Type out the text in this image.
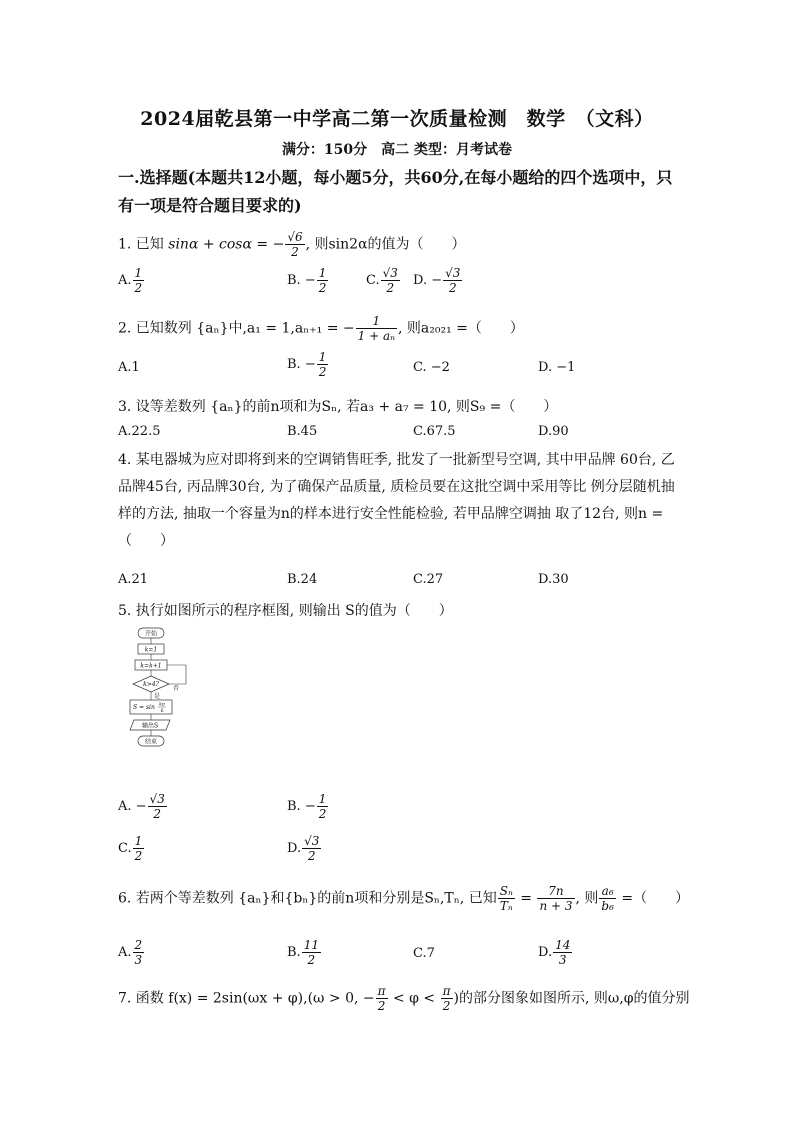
2024届乾县第一中学高二第一次质量检测　数学　（文科）
满分：150分　高二 类型：月考试卷
一.选择题(本题共12小题，每小题5分，共60分,在每小题给的四个选项中，只有一项是符合题目要求的)
1. 已知 sinα + cosα = − $\frac{√6}{2}$ , 则sin2α的值为（　　）
A. $\frac{1}{2}$	B. − $\frac{1}{2}$	C. $\frac{√3}{2} D$. − $\frac{√3}{2}$
2. 已知数列 {aₙ}中,a₁ = 1,aₙ₊₁ = − $\frac{1}{\text{1 + aₙ}}$ , 则a₂₀₂₁ =（　　）
A.1	B. − $\frac{1}{2}$	C. −2	D. −1
3. 设等差数列 {aₙ}的前n项和为Sₙ, 若a₃ + a₇ = 10, 则S₉ =（　　）
A.22.5	B.45	C.67.5	D.90
4. 某电器城为应对即将到来的空调销售旺季, 批发了一批新型号空调, 其中甲品牌 60台, 乙品牌45台, 丙品牌30台, 为了确保产品质量, 质检员要在这批空调中采用等比 例分层随机抽样的方法, 抽取一个容量为n的样本进行安全性能检验, 若甲品牌空调抽 取了12台, 则n =（　　）
A.21	B.24	C.27	D.30
5. 执行如图所示的程序框图, 则输出 S的值为（　　）
开始
k=1
k=k+1
k>4?
否
是
S = sin kπ
6
输出S
结束
A. − $\frac{√3}{2}$	B. − $\frac{1}{2}$
C. $\frac{1}{2}$	D. $\frac{√3}{2}$
6. 若两个等差数列 {aₙ}和{bₙ}的前n项和分别是Sₙ,Tₙ, 已知 $\frac{\text{Sₙ}}{\text{Tₙ}} = \frac{7n}{n + 3}$ , 则 $\frac{\text{a₆}}{\text{b₆}}$ =（　　）
A. $\frac{2}{3}$	B. $\frac{11}{2}$	C.7	D. $\frac{14}{3}$
7. 函数 f(x) = 2sin(ωx + φ),(ω > 0, − $\frac{\pi}{2} < \varphi < \frac{\pi}{2}$ )的部分图象如图所示, 则ω,φ的值分别
